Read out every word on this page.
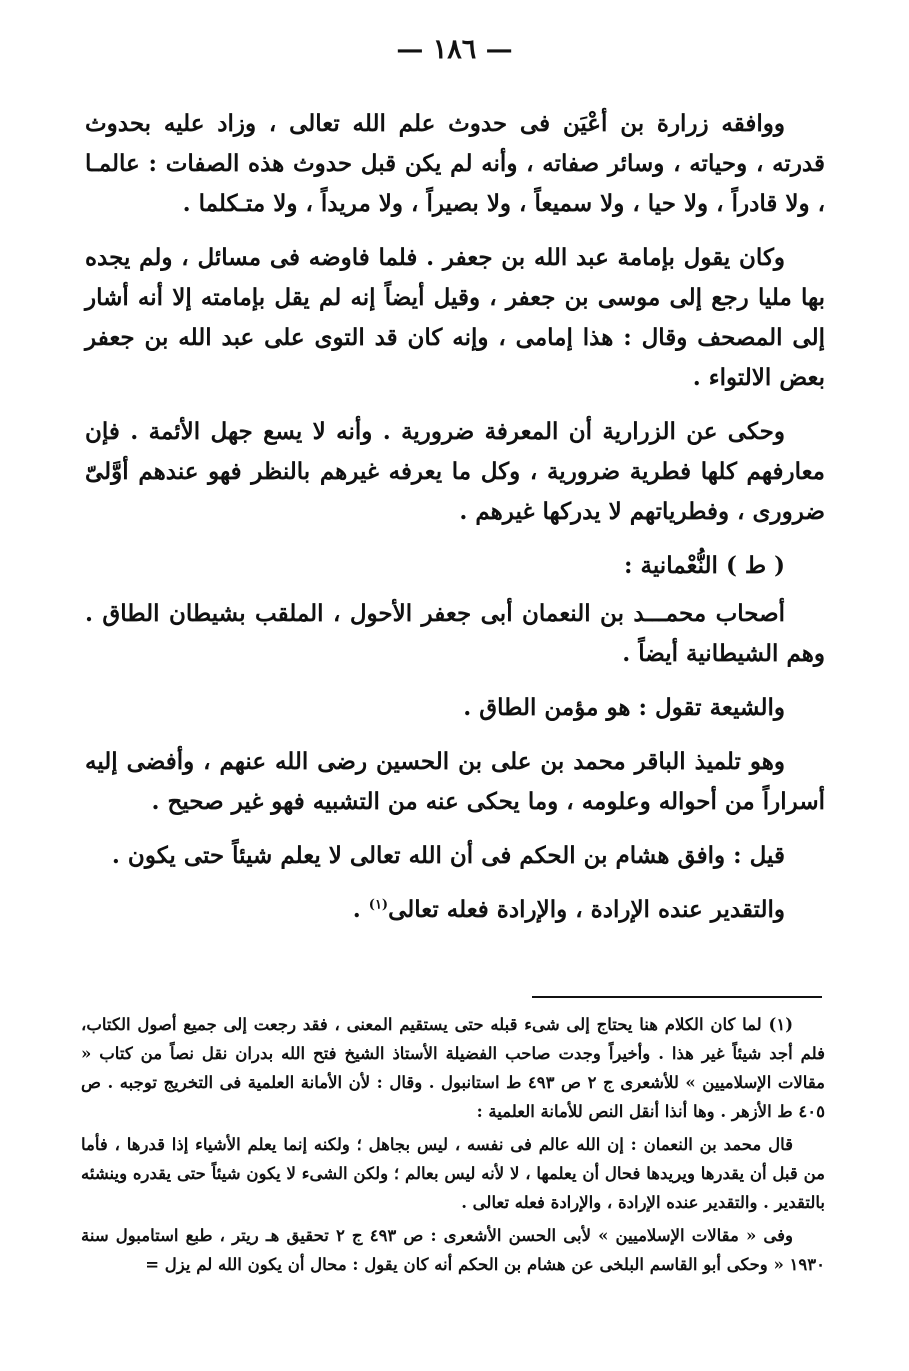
— ١٨٦ —

ووافقه زرارة بن أعْيَن فى حدوث علم الله تعالى ، وزاد عليه بحدوث قدرته ، وحياته ، وسائر صفاته ، وأنه لم يكن قبل حدوث هذه الصفات : عالمـا ، ولا قادراً ، ولا حيا ، ولا سميعاً ، ولا بصيراً ، ولا مريداً ، ولا متـكلما .

وكان يقول بإمامة عبد الله بن جعفر . فلما فاوضه فى مسائل ، ولم يجده بها مليا رجع إلى موسى بن جعفر ، وقيل أيضاً إنه لم يقل بإمامته إلا أنه أشار إلى المصحف وقال : هذا إمامى ، وإنه كان قد التوى على عبد الله بن جعفر بعض الالتواء .

وحكى عن الزرارية أن المعرفة ضرورية . وأنه لا يسع جهل الأئمة . فإن معارفهم كلها فطرية ضرورية ، وكل ما يعرفه غيرهم بالنظر فهو عندهم أوَّلىّ ضرورى ، وفطرياتهم لا يدركها غيرهم .

( ط ) النُّعْمانية :

أصحاب محمـــد بن النعمان أبى جعفر الأحول ، الملقب بشيطان الطاق . وهم الشيطانية أيضاً .

والشيعة تقول : هو مؤمن الطاق .

وهو تلميذ الباقر محمد بن على بن الحسين رضى الله عنهم ، وأفضى إليه أسراراً من أحواله وعلومه ، وما يحكى عنه من التشبيه فهو غير صحيح .

قيل : وافق هشام بن الحكم فى أن الله تعالى لا يعلم شيئاً حتى يكون .

والتقدير عنده الإرادة ، والإرادة فعله تعالى$^{(١)}$ .

(١) لما كان الكلام هنا يحتاج إلى شىء قبله حتى يستقيم المعنى ، فقد رجعت إلى جميع أصول الكتاب، فلم أجد شيئاً غير هذا . وأخيراً وجدت صاحب الفضيلة الأستاذ الشيخ فتح الله بدران نقل نصاً من كتاب « مقالات الإسلاميين » للأشعرى ج ٢ ص ٤٩٣ ط استانبول . وقال : لأن الأمانة العلمية فى التخريج توجبه . ص ٤٠٥ ط الأزهر . وها أنذا أنقل النص للأمانة العلمية :

قال محمد بن النعمان : إن الله عالم فى نفسه ، ليس بجاهل ؛ ولكنه إنما يعلم الأشياء إذا قدرها ، فأما من قبل أن يقدرها ويريدها فحال أن يعلمها ، لا لأنه ليس بعالم ؛ ولكن الشىء لا يكون شيئاً حتى يقدره وينشئه بالتقدير . والتقدير عنده الإرادة ، والإرادة فعله تعالى .

وفى « مقالات الإسلاميين » لأبى الحسن الأشعرى : ص ٤٩٣ ج ٢ تحقيق هـ ريتر ، طبع استامبول سنة ١٩٣٠ « وحكى أبو القاسم البلخى عن هشام بن الحكم أنه كان يقول : محال أن يكون الله لم يزل =
